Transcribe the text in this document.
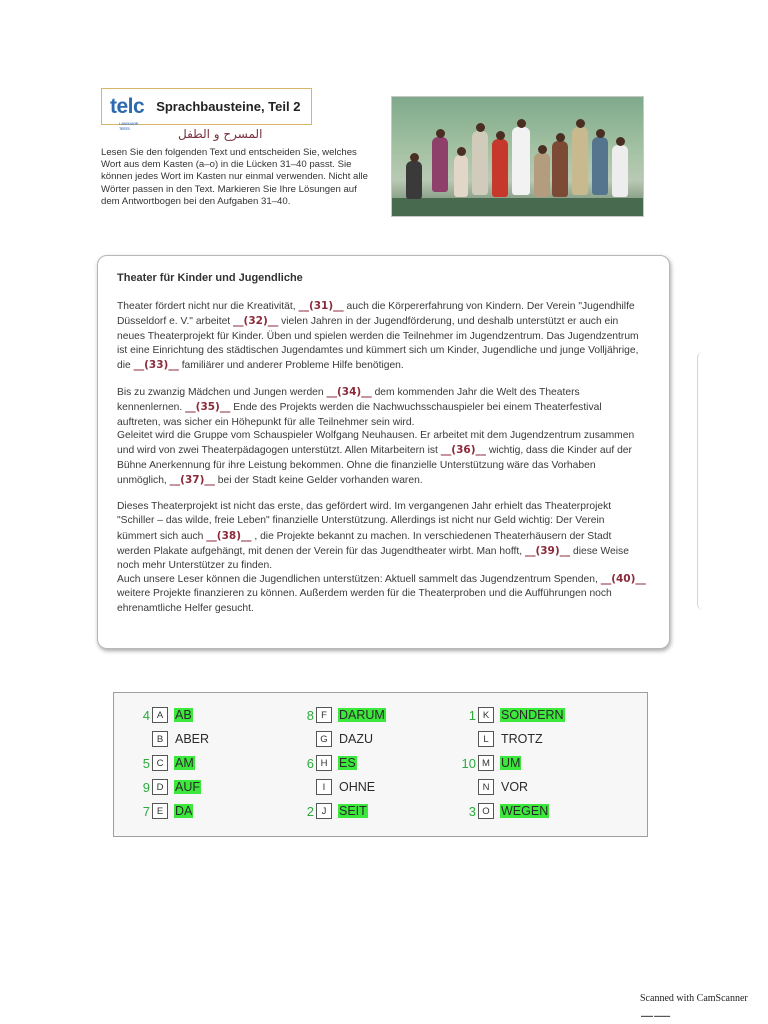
telc
LANGUAGE TESTS
Sprachbausteine, Teil 2
المسرح و الطفل
Lesen Sie den folgenden Text und entscheiden Sie, welches Wort aus dem Kasten (a–o) in die Lücken 31–40 passt. Sie können jedes Wort im Kasten nur einmal verwenden. Nicht alle Wörter passen in den Text. Markieren Sie Ihre Lösungen auf dem Antwortbogen bei den Aufgaben 31–40.
Theater für Kinder und Jugendliche
Theater fördert nicht nur die Kreativität, __(31)__ auch die Körpererfahrung von Kindern. Der Verein "Jugendhilfe Düsseldorf e. V." arbeitet __(32)__ vielen Jahren in der Jugendförderung, und deshalb unterstützt er auch ein neues Theaterprojekt für Kinder. Üben und spielen werden die Teilnehmer im Jugendzentrum. Das Jugendzentrum ist eine Einrichtung des städtischen Jugendamtes und kümmert sich um Kinder, Jugendliche und junge Volljährige, die __(33)__ familiärer und anderer Probleme Hilfe benötigen.
Bis zu zwanzig Mädchen und Jungen werden __(34)__ dem kommenden Jahr die Welt des Theaters kennenlernen. __(35)__ Ende des Projekts werden die Nachwuchsschauspieler bei einem Theaterfestival auftreten, was sicher ein Höhepunkt für alle Teilnehmer sein wird.
Geleitet wird die Gruppe vom Schauspieler Wolfgang Neuhausen. Er arbeitet mit dem Jugendzentrum zusammen und wird von zwei Theaterpädagogen unterstützt. Allen Mitarbeitern ist __(36)__ wichtig, dass die Kinder auf der Bühne Anerkennung für ihre Leistung bekommen. Ohne die finanzielle Unterstützung wäre das Vorhaben unmöglich, __(37)__ bei der Stadt keine Gelder vorhanden waren.
Dieses Theaterprojekt ist nicht das erste, das gefördert wird. Im vergangenen Jahr erhielt das Theaterprojekt "Schiller – das wilde, freie Leben" finanzielle Unterstützung. Allerdings ist nicht nur Geld wichtig: Der Verein kümmert sich auch __(38)__ , die Projekte bekannt zu machen. In verschiedenen Theaterhäusern der Stadt werden Plakate aufgehängt, mit denen der Verein für das Jugendtheater wirbt. Man hofft, __(39)__ diese Weise noch mehr Unterstützer zu finden.
Auch unsere Leser können die Jugendlichen unterstützen: Aktuell sammelt das Jugendzentrum Spenden, __(40)__ weitere Projekte finanzieren zu können. Außerdem werden für die Theaterproben und die Aufführungen noch ehrenamtliche Helfer gesucht.
4 A AB
B ABER
5 C AM
9 D AUF
7 E DA
8 F DARUM
G DAZU
6 H ES
I	OHNE
2 J	SEIT
1 K SONDERN
L TROTZ
10 M UM
N VOR
3 O WEGEN
Scanned with CamScanner
▬▬▬ ▬▬▬▬
